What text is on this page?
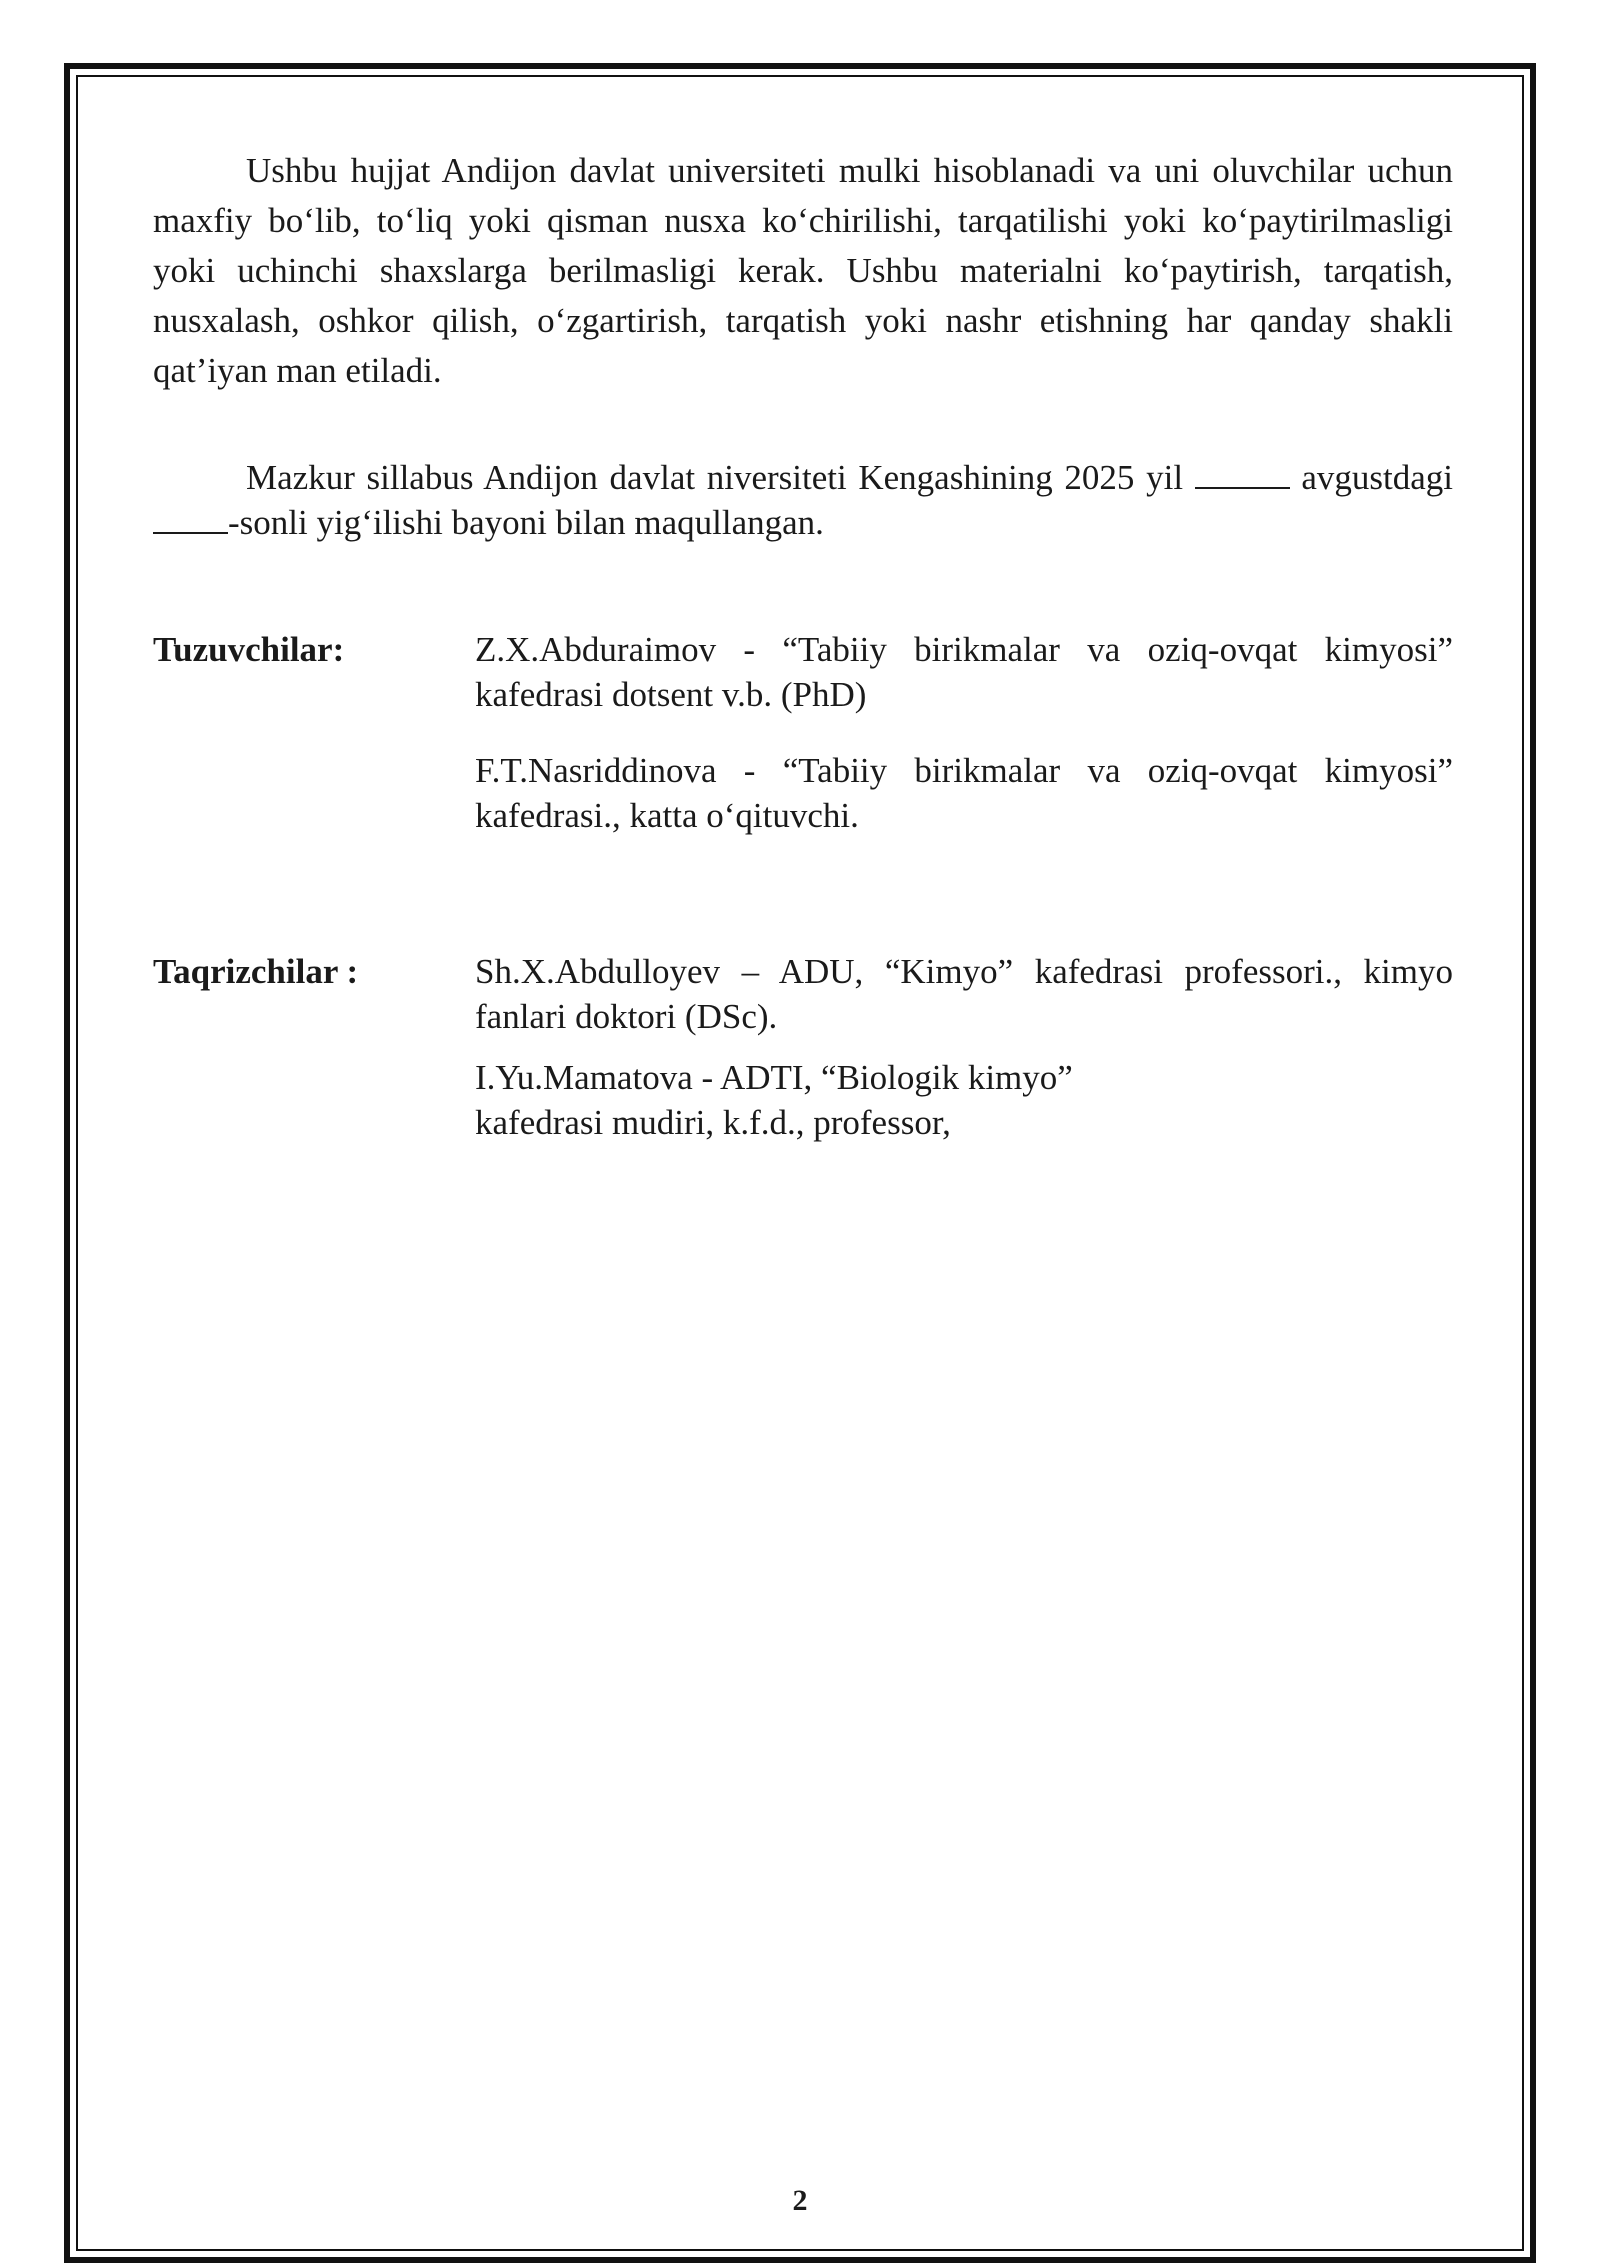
Ushbu hujjat Andijon davlat universiteti mulki hisoblanadi va uni oluvchilar uchun maxfiy bo‘lib, to‘liq yoki qisman nusxa ko‘chirilishi, tarqatilishi yoki ko‘paytirilmasligi yoki uchinchi shaxslarga berilmasligi kerak. Ushbu materialni ko‘paytirish, tarqatish, nusxalash, oshkor qilish, o‘zgartirish, tarqatish yoki nashr etishning har qanday shakli qat’iyan man etiladi.

Mazkur sillabus Andijon davlat niversiteti Kengashining 2025 yil	avgustdagi -sonli yig‘ilishi bayoni bilan maqullangan.

Tuzuvchilar:	Z.X.Abduraimov - “Tabiiy birikmalar va oziq-ovqat kimyosi” kafedrasi dotsent v.b. (PhD)

F.T.Nasriddinova - “Tabiiy birikmalar va oziq-ovqat kimyosi” kafedrasi., katta o‘qituvchi.

Taqrizchilar :	Sh.X.Abdulloyev – ADU, “Kimyo” kafedrasi professori., kimyo fanlari doktori (DSc).

I.Yu.Mamatova - ADTI, “Biologik kimyo” kafedrasi mudiri, k.f.d., professor,

2
